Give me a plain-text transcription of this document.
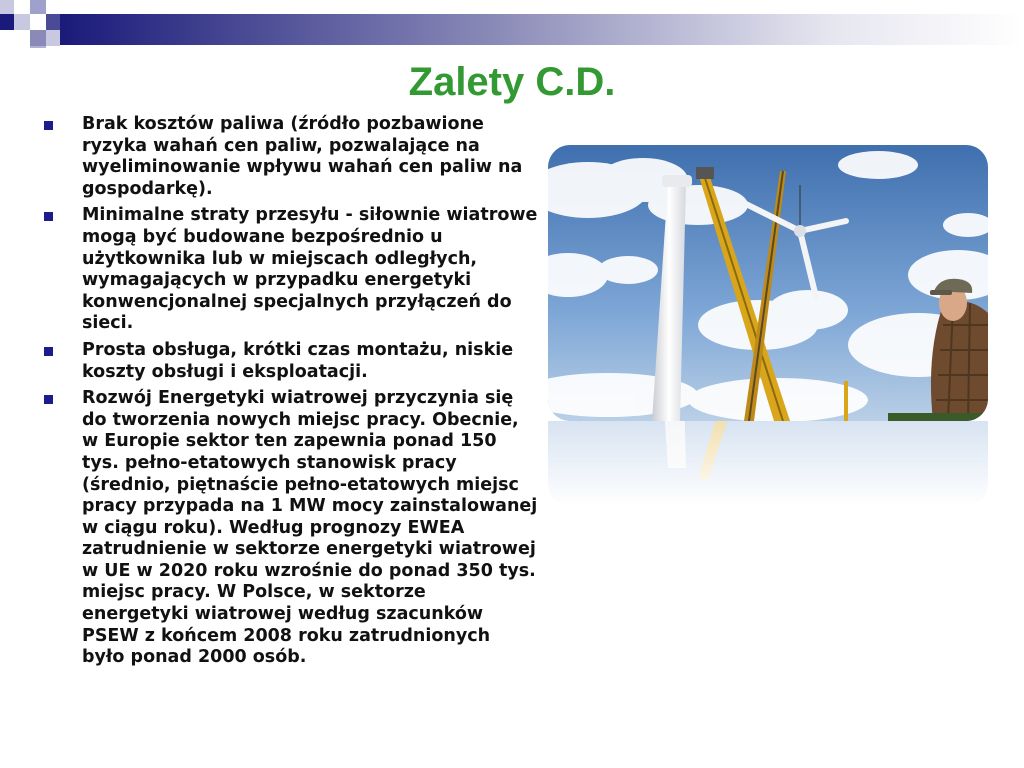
Zalety C.D.
Brak kosztów paliwa (źródło pozbawione ryzyka wahań cen paliw, pozwalające na wyeliminowanie wpływu wahań cen paliw na gospodarkę).
Minimalne straty przesyłu - siłownie wiatrowe mogą być budowane bezpośrednio u użytkownika lub w miejscach odległych, wymagających w przypadku energetyki konwencjonalnej specjalnych przyłączeń do sieci.
Prosta obsługa, krótki czas montażu, niskie koszty obsługi i eksploatacji.
Rozwój Energetyki wiatrowej przyczynia się do tworzenia nowych miejsc pracy. Obecnie, w Europie sektor ten zapewnia ponad 150 tys. pełno-etatowych stanowisk pracy (średnio, piętnaście pełno-etatowych miejsc pracy przypada na 1 MW mocy zainstalowanej w ciągu roku). Według prognozy EWEA zatrudnienie w sektorze energetyki wiatrowej w UE w 2020 roku wzrośnie do ponad 350 tys. miejsc pracy. W Polsce, w sektorze energetyki wiatrowej według szacunków PSEW z końcem 2008 roku zatrudnionych było ponad 2000 osób.
